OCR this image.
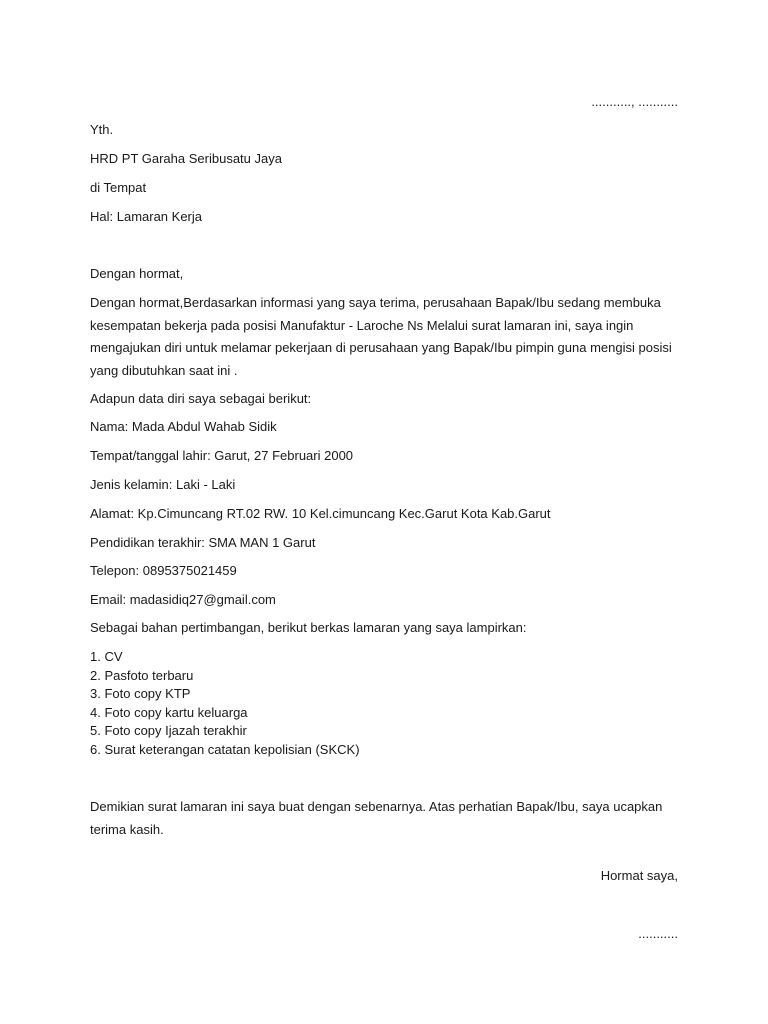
..........., ...........
Yth.
HRD PT Garaha Seribusatu Jaya
di Tempat
Hal: Lamaran Kerja
Dengan hormat,
Dengan hormat,Berdasarkan informasi yang saya terima, perusahaan Bapak/Ibu sedang membuka kesempatan bekerja pada posisi Manufaktur - Laroche Ns Melalui surat lamaran ini, saya ingin mengajukan diri untuk melamar pekerjaan di perusahaan yang Bapak/Ibu pimpin guna mengisi posisi yang dibutuhkan saat ini .
Adapun data diri saya sebagai berikut:
Nama: Mada Abdul Wahab Sidik
Tempat/tanggal lahir: Garut, 27 Februari 2000
Jenis kelamin: Laki - Laki
Alamat: Kp.Cimuncang RT.02 RW. 10 Kel.cimuncang Kec.Garut Kota Kab.Garut
Pendidikan terakhir: SMA MAN 1 Garut
Telepon: 0895375021459
Email: madasidiq27@gmail.com
Sebagai bahan pertimbangan, berikut berkas lamaran yang saya lampirkan:
1. CV
2. Pasfoto terbaru
3. Foto copy KTP
4. Foto copy kartu keluarga
5. Foto copy Ijazah terakhir
6. Surat keterangan catatan kepolisian (SKCK)
Demikian surat lamaran ini saya buat dengan sebenarnya. Atas perhatian Bapak/Ibu, saya ucapkan terima kasih.
Hormat saya,
...........
